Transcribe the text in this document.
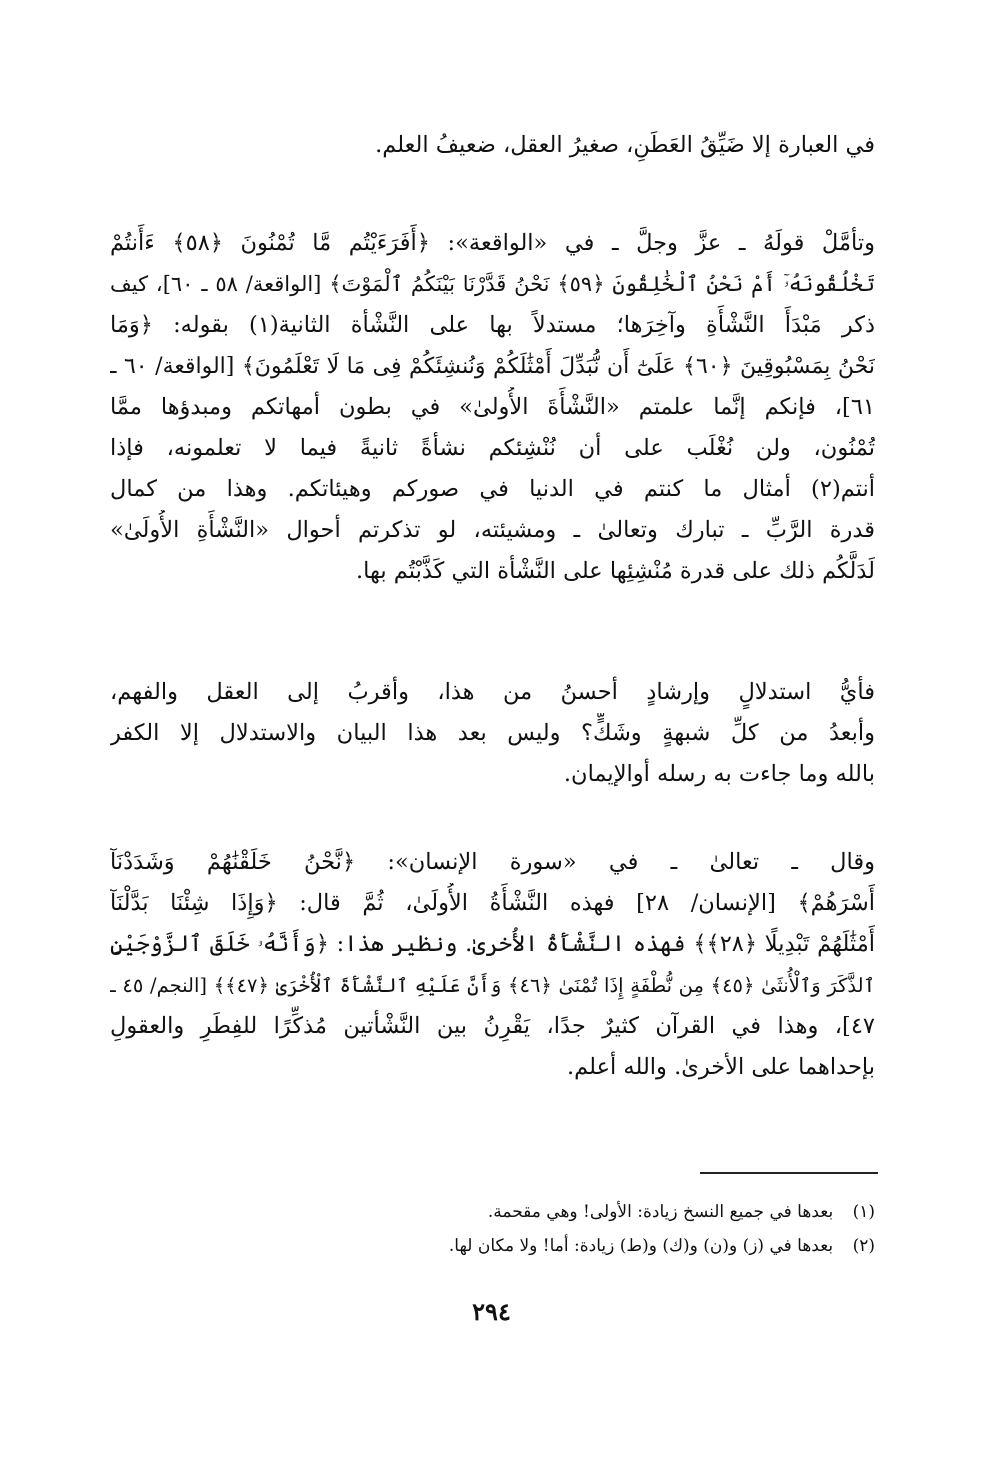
في العبارة إلا ضَيِّقُ العَطَنِ، صغيرُ العقل، ضعيفُ العلم.
وتأمَّلْ قولَهُ ـ عزَّ وجلَّ ـ في «الواقعة»: ﴿أَفَرَءَيْتُم مَّا تُمْنُونَ ﴿٥٨﴾ ءَأَنتُمْ
تَخْلُقُونَهُۥٓ أَمْ نَحْنُ ٱلْخَٰلِقُونَ ﴿٥٩﴾ نَحْنُ قَدَّرْنَا بَيْنَكُمُ ٱلْمَوْتَ﴾ [الواقعة/ ٥٨ ـ ٦٠]، كيف
ذكر مَبْدَأَ النَّشْأَةِ وآخِرَها؛ مستدلاً بها على النَّشْأة الثانية(١) بقوله: ﴿وَمَا
نَحْنُ بِمَسْبُوقِينَ ﴿٦٠﴾ عَلَىٰٓ أَن نُّبَدِّلَ أَمْثَٰلَكُمْ وَنُنشِئَكُمْ فِى مَا لَا تَعْلَمُونَ﴾ [الواقعة/ ٦٠ ـ
٦١]، فإنكم إنَّما علمتم «النَّشْأَةَ الأُولىٰ» في بطون أمهاتكم ومبدؤها ممَّا
تُمْنُون، ولن نُغْلَب على أن نُنْشِئكم نشأةً ثانيةً فيما لا تعلمونه، فإذا
أنتم(٢) أمثال ما كنتم في الدنيا في صوركم وهيئاتكم. وهذا من كمال
قدرة الرَّبِّ ـ تبارك وتعالىٰ ـ ومشيئته، لو تذكرتم أحوال «النَّشْأَةِ الأُولَىٰ»
لَدَلَّكُم ذلك على قدرة مُنْشِئِها على النَّشْأة التي كَذَّبْتُم بها.
فأيُّ استدلالٍ وإرشادٍ أحسنُ من هذا، وأقربُ إلى العقل والفهم،
وأبعدُ من كلِّ شبهةٍ وشَكٍّ؟ وليس بعد هذا البيان والاستدلال إلا الكفر
بالله وما جاءت به رسله أوالإيمان.
وقال ـ تعالىٰ ـ في «سورة الإنسان»: ﴿نَّحْنُ خَلَقْنَٰهُمْ وَشَدَدْنَآ
أَسْرَهُمْ﴾ [الإنسان/ ٢٨] فهذه النَّشْأَةُ الأُولَىٰ، ثُمَّ قال: ﴿وَإِذَا شِئْنَا بَدَّلْنَآ
أَمْثَٰلَهُمْ تَبْدِيلًا ﴿٢٨﴾﴾ فهذه النَّشْأَةُ الأُخرىٰ. ونظير هذا: ﴿وَأَنَّهُۥ خَلَقَ ٱلزَّوْجَيْنِ
ٱلذَّكَرَ وَٱلْأُنثَىٰ ﴿٤٥﴾ مِن نُّطْفَةٍ إِذَا تُمْنَىٰ ﴿٤٦﴾ وَأَنَّ عَلَيْهِ ٱلنَّشْأَةَ ٱلْأُخْرَىٰ ﴿٤٧﴾﴾ [النجم/ ٤٥ ـ
٤٧]، وهذا في القرآن كثيرٌ جدًا، يَقْرِنُ بين النَّشْأتين مُذكِّرًا للفِطَرِ والعقولِ
بإحداهما على الأخرىٰ. والله أعلم.
(١) بعدها في جميع النسخ زيادة: الأولى! وهي مقحمة.
(٢) بعدها في (ز) و(ن) و(ك) و(ط) زيادة: أما! ولا مكان لها.
٢٩٤
